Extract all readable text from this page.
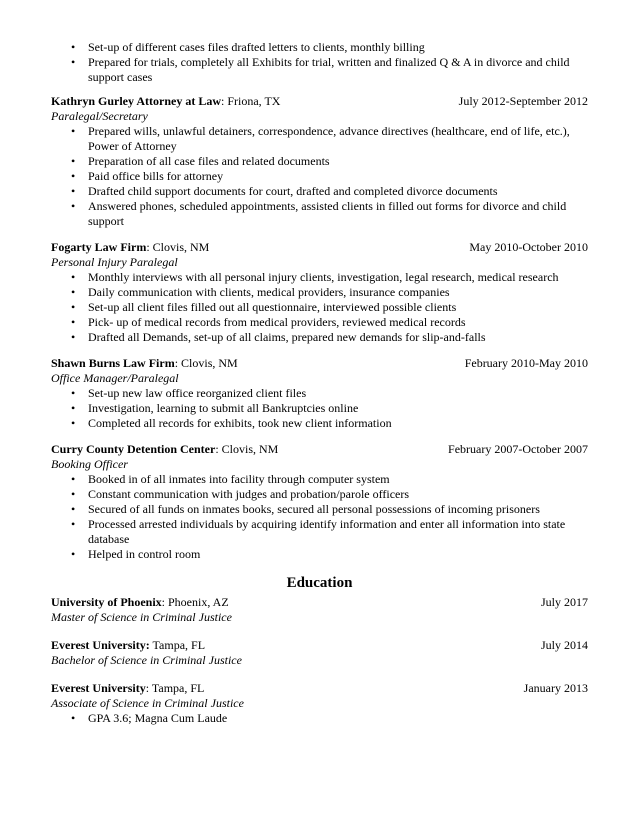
• Set-up of different cases files drafted letters to clients, monthly billing
• Prepared for trials, completely all Exhibits for trial, written and finalized Q & A in divorce and child support cases
Kathryn Gurley Attorney at Law: Friona, TX	July 2012-September 2012
Paralegal/Secretary
• Prepared wills, unlawful detainers, correspondence, advance directives (healthcare, end of life, etc.), Power of Attorney
• Preparation of all case files and related documents
• Paid office bills for attorney
• Drafted child support documents for court, drafted and completed divorce documents
• Answered phones, scheduled appointments, assisted clients in filled out forms for divorce and child support
Fogarty Law Firm: Clovis, NM	May 2010-October 2010
Personal Injury Paralegal
• Monthly interviews with all personal injury clients, investigation, legal research, medical research
• Daily communication with clients, medical providers, insurance companies
• Set-up all client files filled out all questionnaire, interviewed possible clients
• Pick- up of medical records from medical providers, reviewed medical records
• Drafted all Demands, set-up of all claims, prepared new demands for slip-and-falls
Shawn Burns Law Firm: Clovis, NM	February 2010-May 2010
Office Manager/Paralegal
• Set-up new law office reorganized client files
• Investigation, learning to submit all Bankruptcies online
• Completed all records for exhibits, took new client information
Curry County Detention Center: Clovis, NM	February 2007-October 2007
Booking Officer
• Booked in of all inmates into facility through computer system
• Constant communication with judges and probation/parole officers
• Secured of all funds on inmates books, secured all personal possessions of incoming prisoners
• Processed arrested individuals by acquiring identify information and enter all information into state database
• Helped in control room
Education
University of Phoenix: Phoenix, AZ	July 2017
Master of Science in Criminal Justice
Everest University: Tampa, FL	July 2014
Bachelor of Science in Criminal Justice
Everest University: Tampa, FL	January 2013
Associate of Science in Criminal Justice
• GPA 3.6; Magna Cum Laude
